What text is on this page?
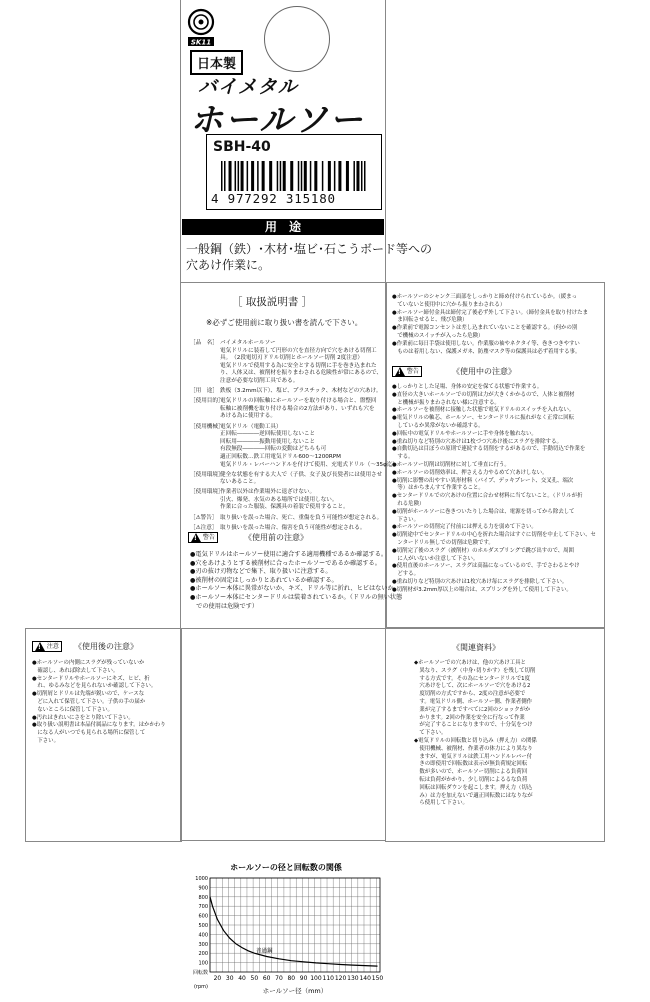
SK11
日本製
バイメタル
ホールソー
SBH-40
4 977292 315180
用　途
一般鋼（鉄）･木材･塩ビ･石こうボード等への
穴あけ作業に。
［ 取扱説明書 ］
※必ずご使用前に取り扱い書を読んで下さい。
［品　名］ バイメタルホールソー
電気ドリルに装着して円形の穴を直径方向で穴をあける切削工
具。　（2段電切刃ドリル切削とホールソー切削 2度注意）
電気ドリルで使用する為に安全とする切削に手を巻き込まれた
り、人体又は、被削材を振りまわされる危険性が常にあるので、
注意が必要な切削工具である。
［用　途］ 鉄板（3.2mm以下）、塩ビ、プラスチック、木材などの穴あけ。
［使用目的］
電気ドリルの回転軸にホールソーを取り付ける場合と、盤整回
転軸に被削機を取り付ける場合の2方法があり、いずれも穴を
あける為に使用する。
［使用機械］
電気ドリル（電動工具）
正回転――――逆回転使用しないこと
回転用――――振動用使用しないこと
有段無段――――回転の変動はどちらも可
適正回転数…鉄工用電気ドリル600～1200RPM
電気ドリル・レバーハンドルを付けて使用、充電式ドリル（～35φ迄）
［使用環境］
健全な状態を有する大人で（子供、女子及び長髪者には使用させ
ないあること。
［使用環境］
作業者以外は作業場外に退ざけない。
引火、爆発、水気のある場所では使用しない。
作業に合った服装、保護具の着装で使用すること。
［⚠警告］ 取り扱いを誤った場合、死亡、重傷を負う可能性が想定される。
［⚠注意］ 取り扱いを誤った場合、傷害を負う可能性が想定される。
! 警告	《使用前の注意》
●電気ドリルはホールソー使用に適合する適用機種であるか確認する。
●穴をあけようとする被削材に合ったホールソーであるか確認する。
●刃の抜け刃物などで集下、取り扱いに注意する。
●被削材の固定はしっかりとあれているか確認する。
●ホールソー本体に異常がないか、キズ、ドリル等に折れ、ヒビはないか。
●ホールソー本体にセンタードリルは装着されているか。（ドリルの無い状態
　での使用は危険です）
●ホールソーのシャンク三面部をしっかりと締め付けられているか。（緩まっ
　ていないと使用中に穴から振りまわされる）
●ホールソー締付金具は締付完了後必ず外して下さい。（締付金具を取り付けたま
　ま回転させると、飛び危険）
●作業前で電源コンセントは差し込まれていないことを確認する。（何かの別
　で機械のスイッチが入ったら危険）
●作業前に毎日手袋は使用しない。作業服の袖やネクタイ等、巻きつきやすい
　ものは着用しない、保護メガネ、防塵マスク等の保護具は必ず着用する事。
! 警告	《使用中の注意》
●しっかりとした足場、身体の安定を保てる状態で作業する。
●直径の大きいホールソーでの切削は力が大きくかかるので、人体と被削材
　と機械が振りまわされない様に注意する。
●ホールソーを被削材に接触した状態で電気ドリルのスイッチを入れない。
●電気ドリルの軸芯、ホールソー、センタードリルに振れがなく正常に回転
　しているか異常がないか確認する。
●回転中の電気ドリルやホールソーに手や身体を触れない。
●重ね切りなど特別の穴あけは1枚づつ穴あけ後にスラグを排除する。
●自動切込は目ぼうの原則で連続する切削をするがあるので、手動切込で作業を
　する。
●ホールソー切削は切削材に対して垂直に行う。
●ホールソーの切削効率は、押さえる力やるめて穴あけしない。
●切削に影響の出やすい異形材料（パイプ、デッキプレート、交叉孔、端次
　等）はかちまんすて作業すること。
●センタードリルでの穴あけの位置に合わせ材料に当てないこと。（ドリルが折
　れる危険）
●切削がホールソーに巻きついたりした場合は、電源を切ってから除去して
　下さい。
●ホールソーの切削完了付前には押える力を弱めて下さい。
●切削途中でセンタードリルの中心を折れた場合はすぐに切削を中止して下さい、セ
　ンタードリル無しでの切削は危険です。
●切削完了後のスラグ（被削材）のホルダスプリングで跳び出すので、周囲
　に人がいないか注意して下さい。
●使用直後のホールソー、スラグは高温になっているので、手でさわるとやけ
　どする。
●重ね切りなど特別の穴あけは1枚穴あけ毎にスラグを排除して下さい。
●切削材が3.2mm厚以上の場合は、スプリングを外して使用して下さい。
! 注意	《使用後の注意》
●ホールソーの内側にスラグが残っていないか
　確認し、あれば除去して下さい。
●センタードリルやホールソーにキズ、ヒビ、折
　れ、ゆるみなどを見られないか確認して下さい。
●切削屑とドリルは先端が鋭いので、ケースな
　どに入れて保管して下さい。子供の手の届か
　ないところに保管して下さい。
●汚れはきれいにさをとり除いて下さい。
●取り扱い説明書は本品付属品になります。はかかわり
　になる人がいつでも見られる場所に保管して
　下さい。
《関連資料》
◆ホールソーでの穴あけは、他の穴あけ工具と
　異なり、スラグ（中身･切りかす）を残して切削
　する方式です。その為にセンタードリルで1度
　穴あけをして、次にホールソーで穴をあける2
　度切削の方式ですから、2度の注意が必要で
　す。電気ドリル側、ホールソー側、作業者側作
　業が完了するまですべてに2回のショックがか
　かります。2回の作業を安全に行なって作業
　が完了することになりますので、十分気をつけ
　て下さい。
◆電気ドリルの回転数と切り込み（押え力）の関係
　使用機械、被削材、作業者の体力により異なり
　ますが、電気ドリルは鉄工用ハンドルレバー付
　きの即使用で回転数は表示が無負荷規定回転
　数が多いので、ホールソー切削による負荷回
　転は負荷がかかり、少し切削によるるな負荷
　回転は回転ダウンを起こします。押え力（切込
　み）は力を加えないで適正回転数にはなりなが
　ら使用して下さい。
ホールソーの径と回転数の関係
100
200
300
400
500
600
700
800
900
1000
回転数
(rpm)
20 30 40 50 60 70 80 90 100 110 120 130 140 150
ホールソー径（mm）
普通鋼
